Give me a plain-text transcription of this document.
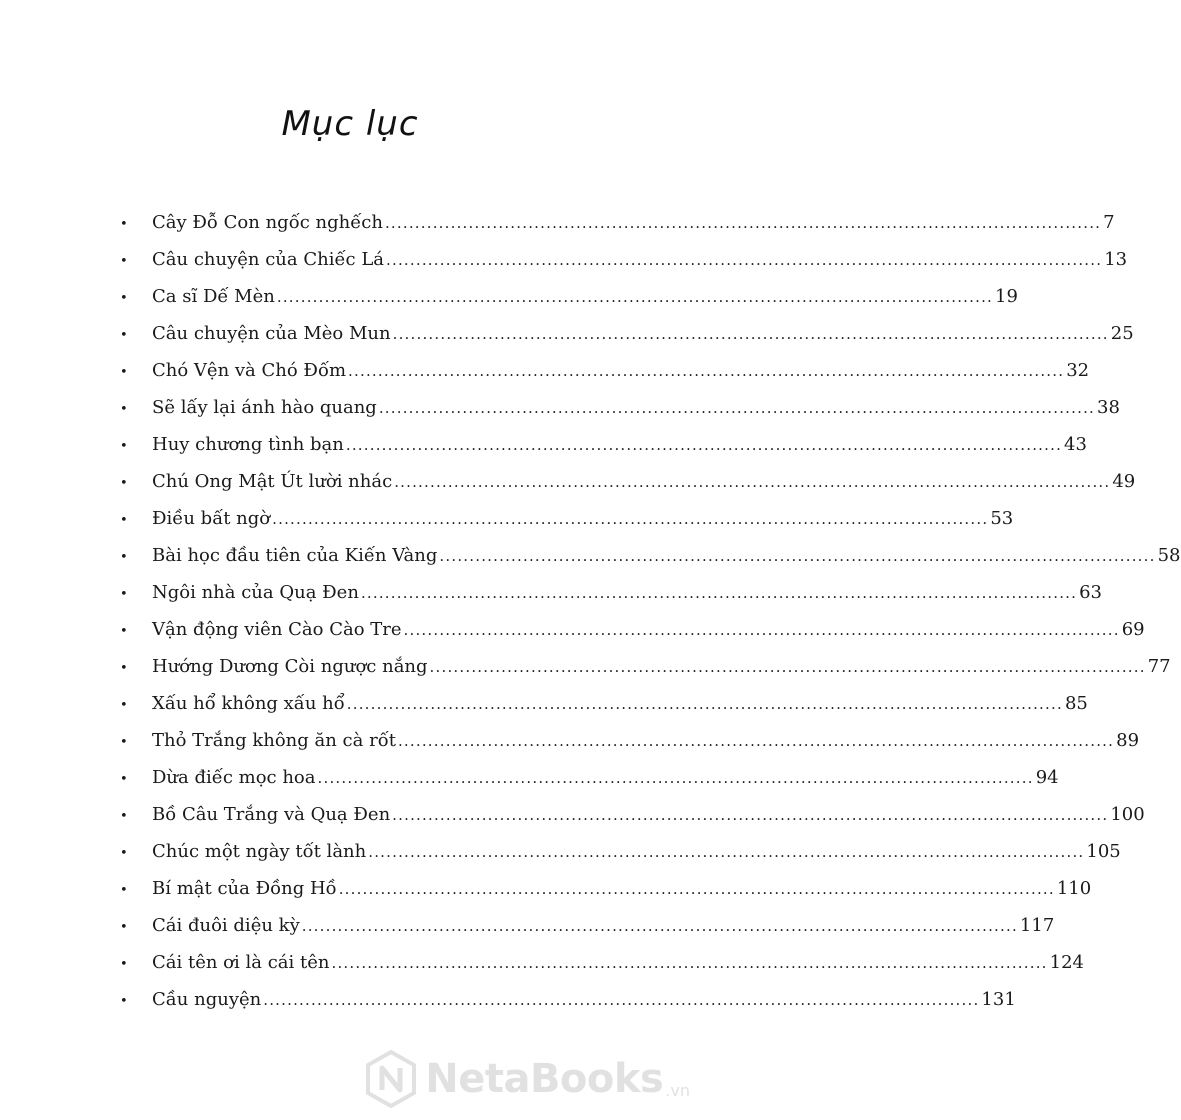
Mục lục
•	Cây Đỗ Con ngốc nghếch ........................................................................................................................ 7
•	Câu chuyện của Chiếc Lá ........................................................................................................................ 13
•	Ca sĩ Dế Mèn ........................................................................................................................ 19
•	Câu chuyện của Mèo Mun ........................................................................................................................ 25
•	Chó Vện và Chó Đốm ........................................................................................................................ 32
•	Sẽ lấy lại ánh hào quang ........................................................................................................................ 38
•	Huy chương tình bạn ........................................................................................................................ 43
•	Chú Ong Mật Út lười nhác ........................................................................................................................ 49
•	Điều bất ngờ ........................................................................................................................ 53
•	Bài học đầu tiên của Kiến Vàng ........................................................................................................................ 58
•	Ngôi nhà của Quạ Đen ........................................................................................................................ 63
•	Vận động viên Cào Cào Tre ........................................................................................................................ 69
•	Hướng Dương Còi ngược nắng ........................................................................................................................ 77
•	Xấu hổ không xấu hổ ........................................................................................................................ 85
•	Thỏ Trắng không ăn cà rốt ........................................................................................................................ 89
•	Dừa điếc mọc hoa ........................................................................................................................ 94
•	Bồ Câu Trắng và Quạ Đen ........................................................................................................................ 100
•	Chúc một ngày tốt lành ........................................................................................................................ 105
•	Bí mật của Đồng Hồ ........................................................................................................................ 110
•	Cái đuôi diệu kỳ ........................................................................................................................ 117
•	Cái tên ơi là cái tên ........................................................................................................................ 124
•	Cầu nguyện ........................................................................................................................ 131
NetaBooks .vn
